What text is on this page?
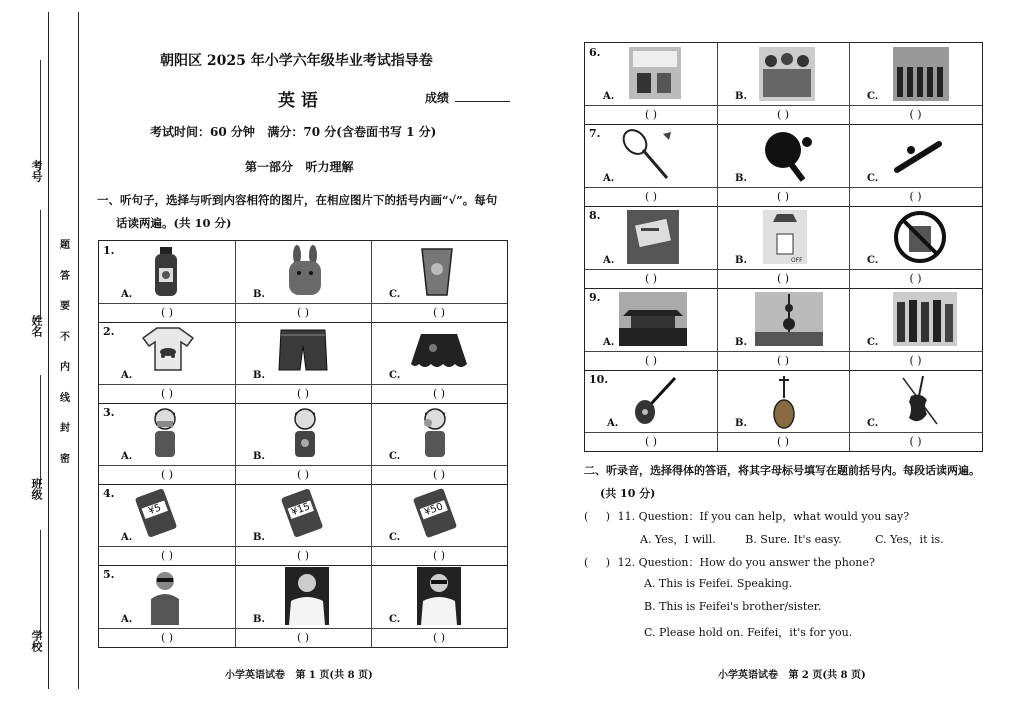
考号
姓名
班级
学校
题
答
要
不
内
线
封
密
朝阳区 2025 年小学六年级毕业考试指导卷
英 语	成绩
考试时间：60 分钟   满分：70 分(含卷面书写 1 分)
第一部分   听力理解
一、听句子，选择与听到内容相符的图片，在相应图片下的括号内画“√”。每句
话读两遍。(共 10 分)
1.
A.
( )
B.
( )
C.
( )
2.
A.
( )
B.
( )
C.
( )
3.
A.
( )
B.
( )
C.
( )
4.
¥5
A.
( )
¥15
B.
( )
¥50
C.
( )
5.
A.
( )
B.
( )
C.
( )
小学英语试卷   第 1 页(共 8 页)
6.
A.
( )
B.
( )
C.
( )
7.
A.
( )
B.
( )
C.
( )
8.
A.
( )
OFF
B.
( )
C.
( )
9.
A.
( )
B.
( )
C.
( )
10.
A.
( )
B.
( )
C.
( )
二、听录音，选择得体的答语，将其字母标号填写在题前括号内。每段话读两遍。
(共 10 分)
(     ) 11. Question：If you can help，what would you say?
A. Yes，I will.	B. Sure. It's easy.	C. Yes，it is.
(     ) 12. Question：How do you answer the phone?
A. This is Feifei. Speaking.
B. This is Feifei's brother/sister.
C. Please hold on. Feifei，it's for you.
小学英语试卷   第 2 页(共 8 页)
